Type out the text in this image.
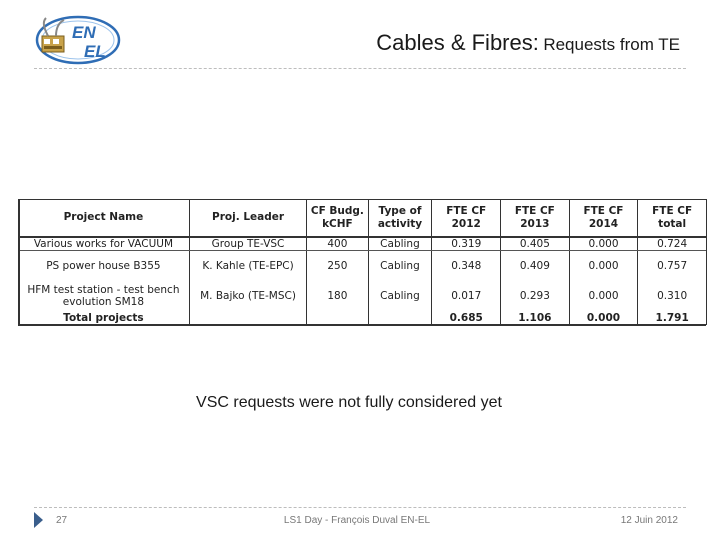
EN
EL	Cables & Fibres: Requests from TE
Project Name	Proj. Leader	CF Budg. kCHF	Type of activity	FTE CF 2012	FTE CF 2013	FTE CF 2014	FTE CF total
Various works for VACUUM	Group TE-VSC	400	Cabling	0.319	0.405	0.000	0.724
PS power house B355	K. Kahle (TE-EPC)	250	Cabling	0.348	0.409	0.000	0.757
HFM test station - test bench evolution SM18	M. Bajko (TE-MSC)	180	Cabling	0.017	0.293	0.000	0.310
Total projects				0.685	1.106	0.000	1.791
VSC requests were not fully considered yet
27	LS1 Day - François Duval EN-EL	12 Juin 2012
